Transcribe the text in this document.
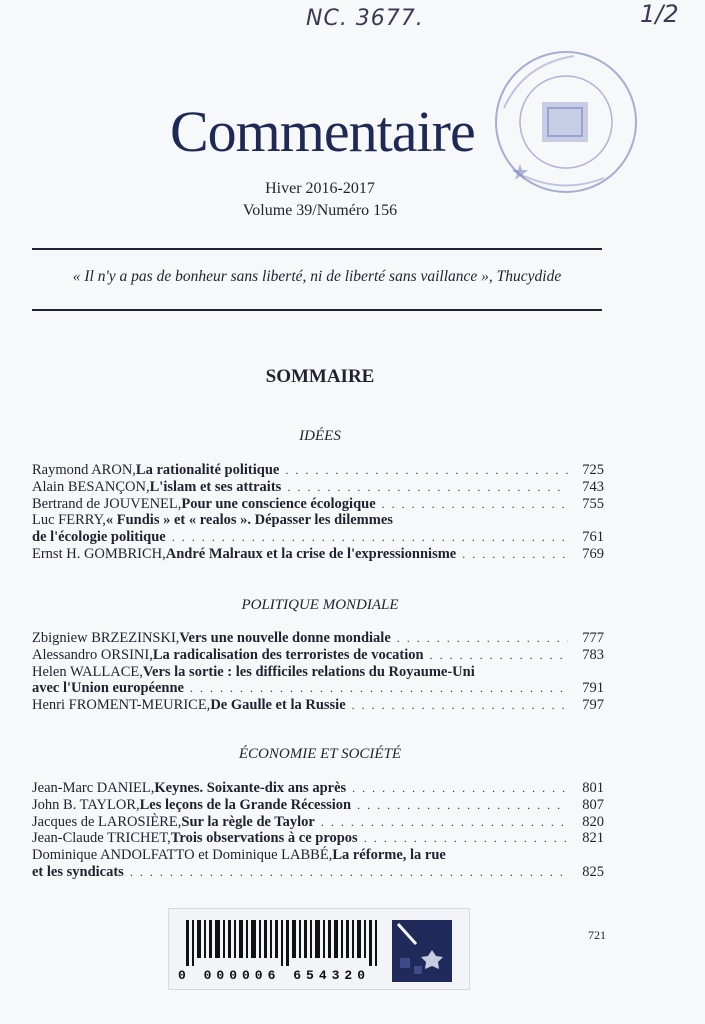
NC. 3677.	1/2
Commentaire
Hiver 2016-2017
Volume 39/Numéro 156
« Il n'y a pas de bonheur sans liberté, ni de liberté sans vaillance », Thucydide
SOMMAIRE
IDÉES
Raymond ARON, La rationalité politique . . .	725
Alain BESANÇON, L'islam et ses attraits . . .	743
Bertrand de JOUVENEL, Pour une conscience écologique . . .	755
Luc FERRY, « Fundis » et « realos ». Dépasser les dilemmes
de l'écologie politique . . .	761
Ernst H. GOMBRICH, André Malraux et la crise de l'expressionnisme . . .	769
POLITIQUE MONDIALE
Zbigniew BRZEZINSKI, Vers une nouvelle donne mondiale . . .	777
Alessandro ORSINI, La radicalisation des terroristes de vocation . . .	783
Helen WALLACE, Vers la sortie : les difficiles relations du Royaume-Uni
avec l'Union européenne . . .	791
Henri FROMENT-MEURICE, De Gaulle et la Russie . . .	797
ÉCONOMIE ET SOCIÉTÉ
Jean-Marc DANIEL, Keynes. Soixante-dix ans après . . .	801
John B. TAYLOR, Les leçons de la Grande Récession . . .	807
Jacques de LAROSIÈRE, Sur la règle de Taylor . . .	820
Jean-Claude TRICHET, Trois observations à ce propos . . .	821
Dominique ANDOLFATTO et Dominique LABBÉ, La réforme, la rue
et les syndicats . . .	825
721
0 000006 654320
